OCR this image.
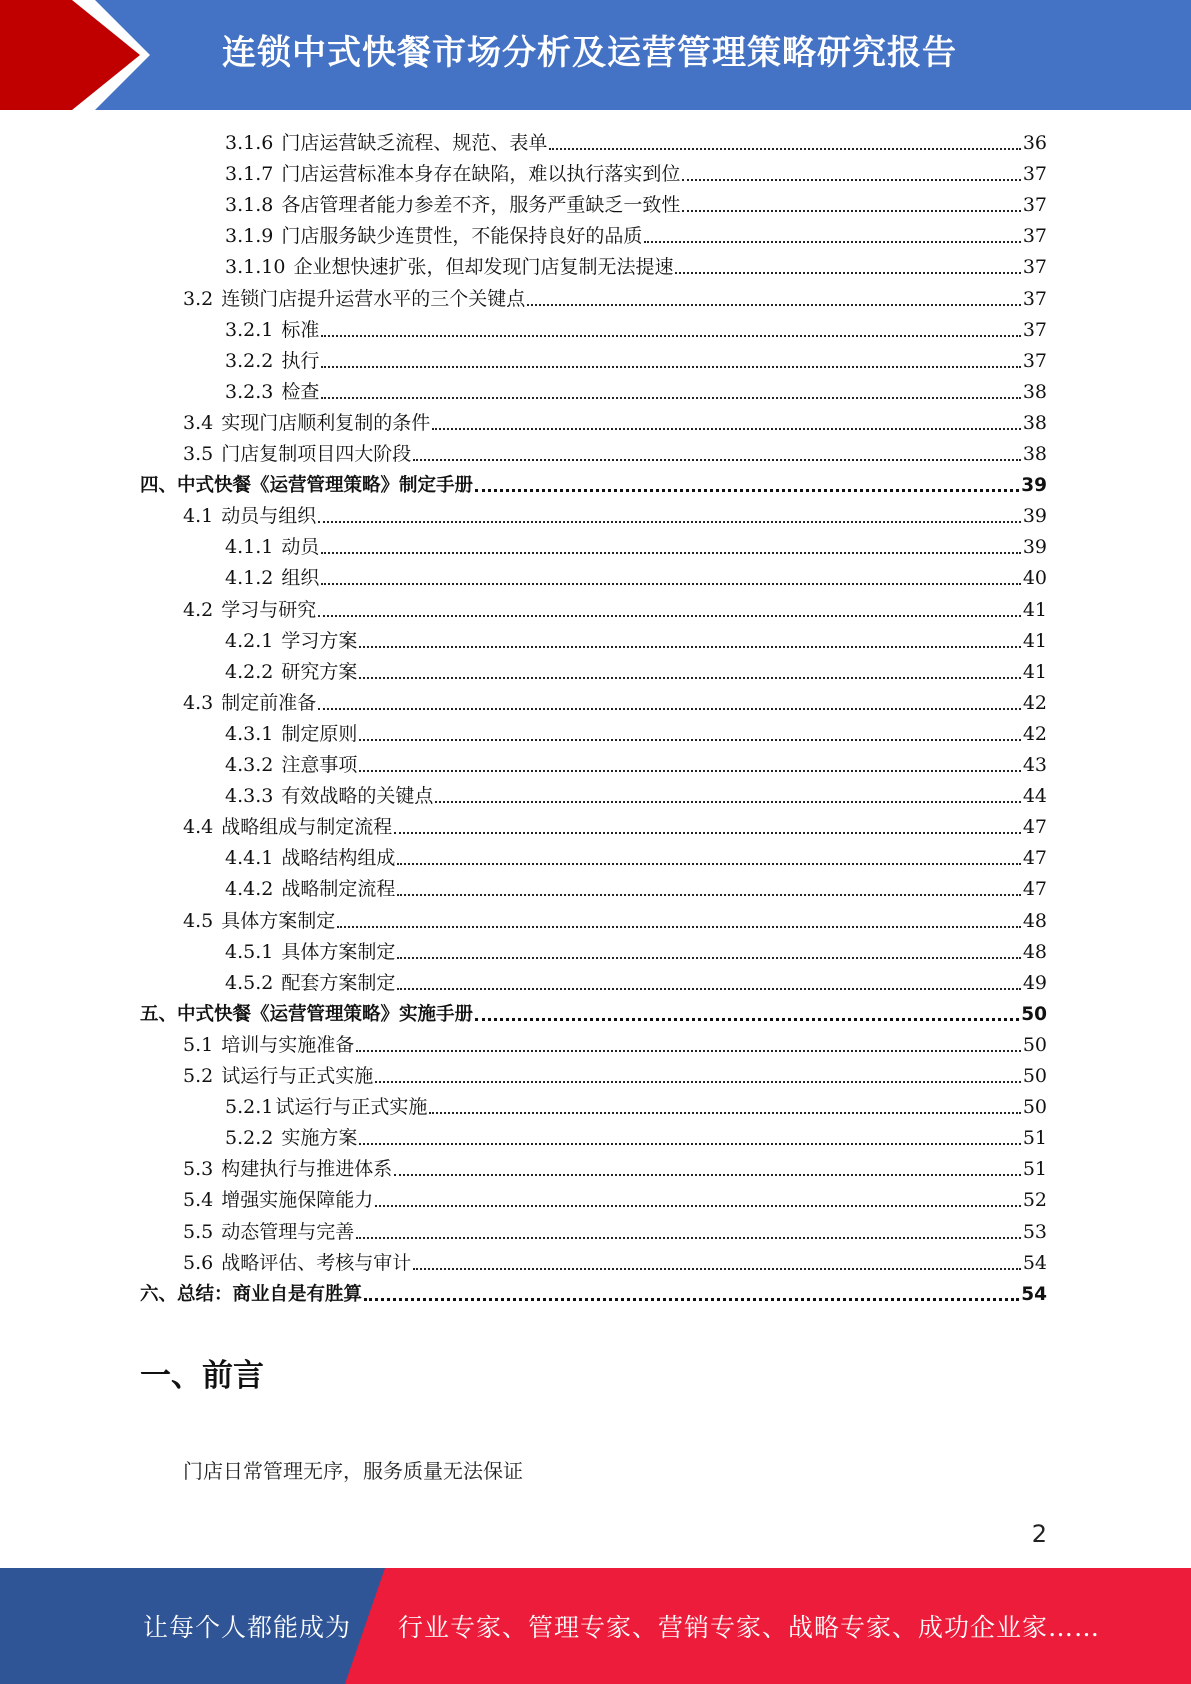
连锁中式快餐市场分析及运营管理策略研究报告
3.1.6 门店运营缺乏流程、规范、表单	36
3.1.7 门店运营标准本身存在缺陷，难以执行落实到位	37
3.1.8 各店管理者能力参差不齐，服务严重缺乏一致性	37
3.1.9 门店服务缺少连贯性，不能保持良好的品质	37
3.1.10 企业想快速扩张，但却发现门店复制无法提速	37
3.2 连锁门店提升运营水平的三个关键点	37
3.2.1 标准	37
3.2.2 执行	37
3.2.3 检查	38
3.4 实现门店顺利复制的条件	38
3.5 门店复制项目四大阶段	38
四、中式快餐《运营管理策略》制定手册	39
4.1 动员与组织	39
4.1.1 动员	39
4.1.2 组织	40
4.2 学习与研究	41
4.2.1 学习方案	41
4.2.2 研究方案	41
4.3 制定前准备	42
4.3.1 制定原则	42
4.3.2 注意事项	43
4.3.3 有效战略的关键点	44
4.4 战略组成与制定流程	47
4.4.1 战略结构组成	47
4.4.2 战略制定流程	47
4.5 具体方案制定	48
4.5.1 具体方案制定	48
4.5.2 配套方案制定	49
五、中式快餐《运营管理策略》实施手册	50
5.1 培训与实施准备	50
5.2 试运行与正式实施	50
5.2.1 试运行与正式实施	50
5.2.2 实施方案	51
5.3 构建执行与推进体系	51
5.4 增强实施保障能力	52
5.5 动态管理与完善	53
5.6 战略评估、考核与审计	54
六、总结：商业自是有胜算	54
一、前言
门店日常管理无序，服务质量无法保证
2
让每个人都能成为 行业专家、管理专家、营销专家、战略专家、成功企业家……
